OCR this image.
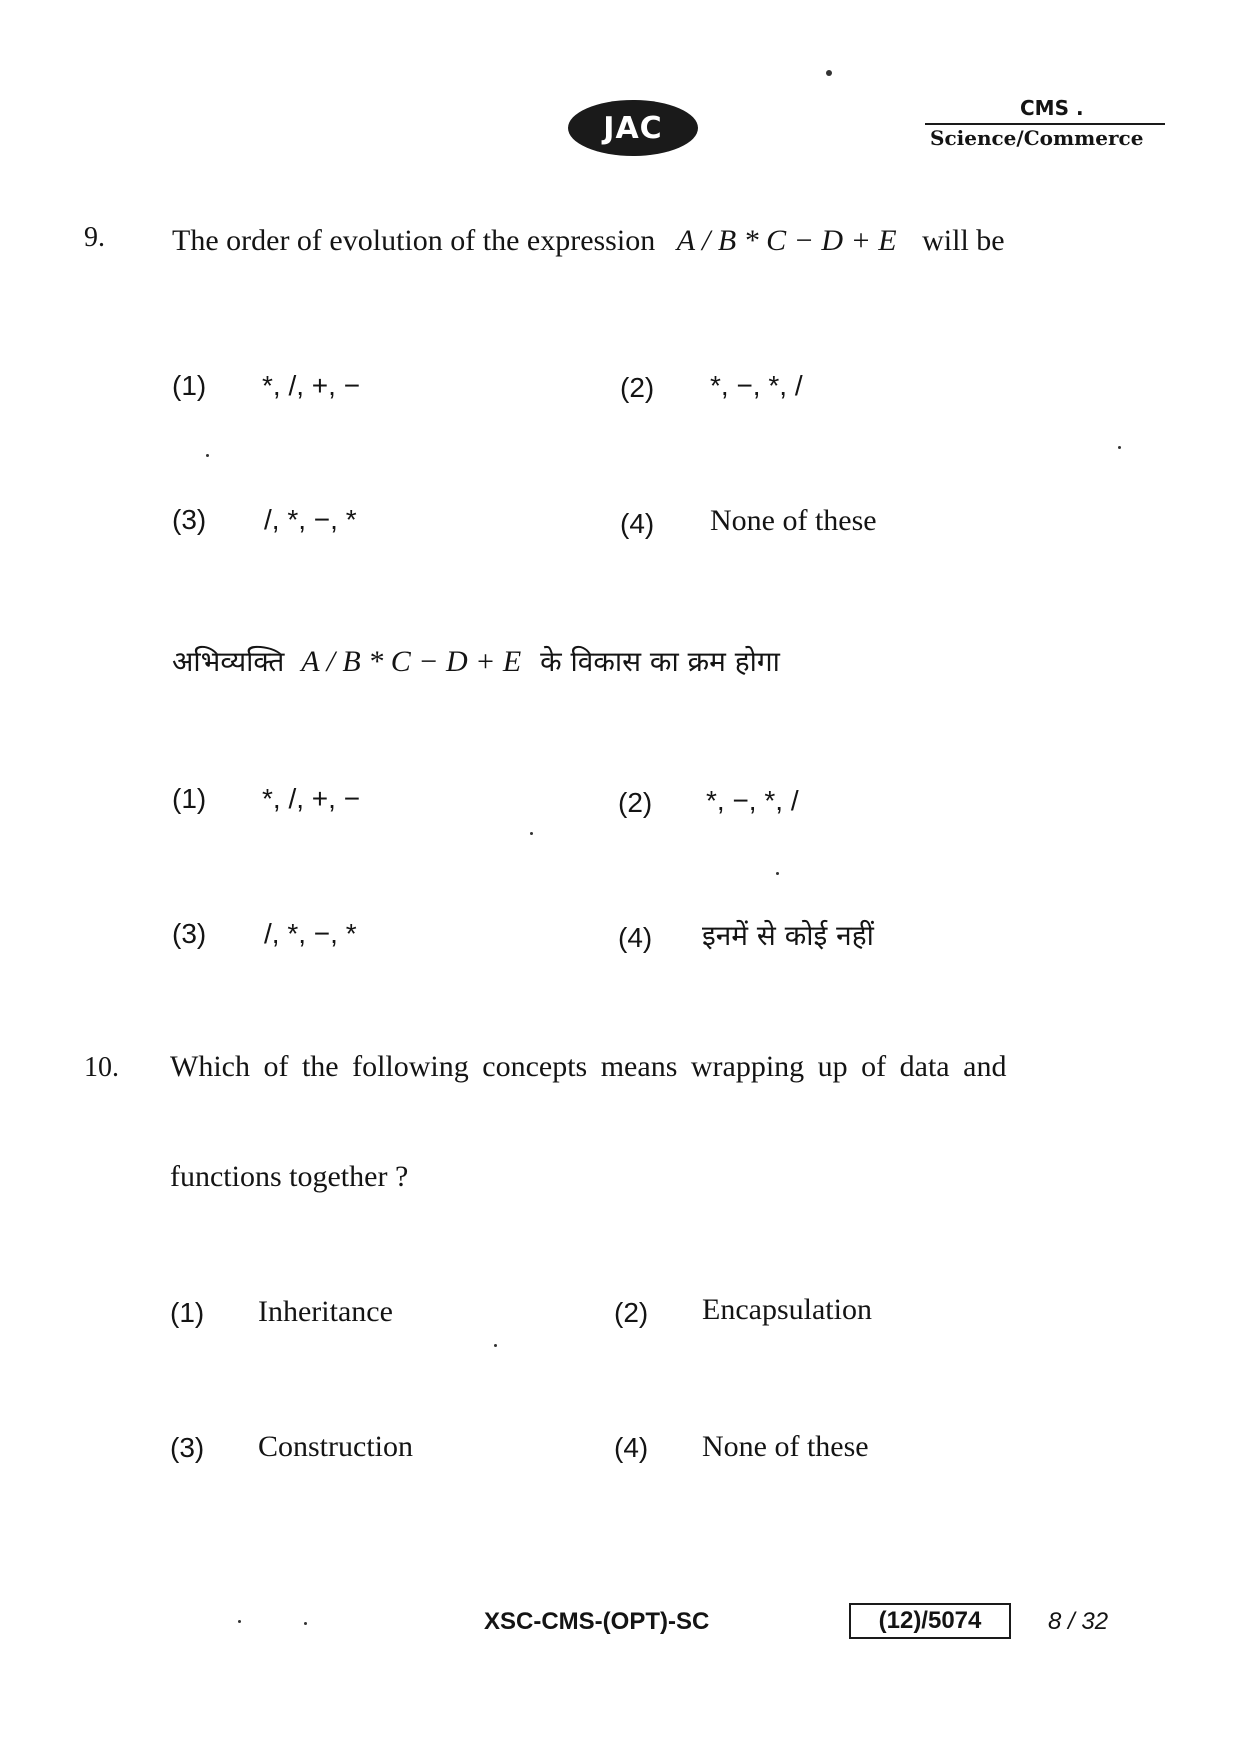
JAC
CMS .
Science/Commerce
9. The order of evolution of the expression A / B * C − D + E will be
(1) *, /, +, −	(2) *, −, *, /
(3) /, *, −, *	(4) None of these
अभिव्यक्ति A / B * C − D + E के विकास का क्रम होगा
(1) *, /, +, −	(2) *, −, *, /
(3) /, *, −, *	(4) इनमें से कोई नहीं
10. Which of the following concepts means wrapping up of data and
functions together ?
(1) Inheritance	(2) Encapsulation
(3) Construction	(4) None of these
XSC-CMS-(OPT)-SC	(12)/5074	8 / 32
